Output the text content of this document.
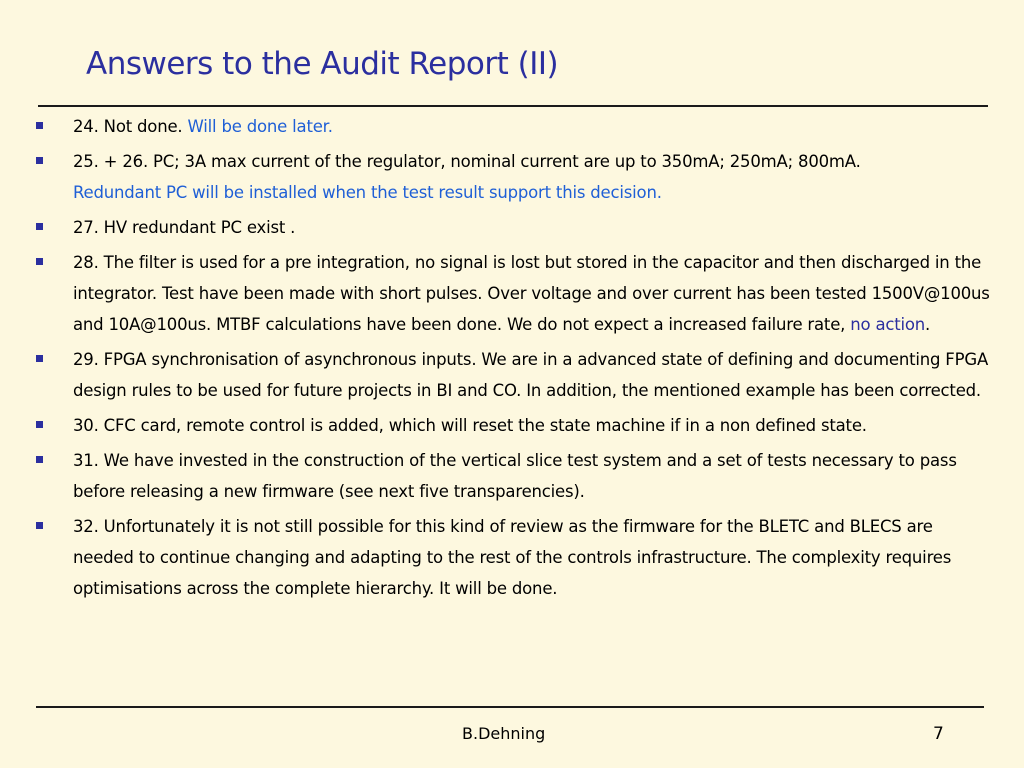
Answers to the Audit Report (II)
24. Not done. Will be done later.
25. + 26. PC; 3A max current of the regulator, nominal current are up to 350mA; 250mA; 800mA.
Redundant PC will be installed when the test result support this decision.
27. HV redundant PC exist .
28. The filter is used for a pre integration, no signal is lost but stored in the capacitor and then discharged in the integrator. Test have been made with short pulses. Over voltage and over current has been tested 1500V@100us and 10A@100us. MTBF calculations have been done. We do not expect a increased failure rate, no action.
29. FPGA synchronisation of asynchronous inputs. We are in a advanced state of defining and documenting FPGA design rules to be used for future projects in BI and CO. In addition, the mentioned example has been corrected.
30. CFC card, remote control is added, which will reset the state machine if in a non defined state.
31. We have invested in the construction of the vertical slice test system and a set of tests necessary to pass before releasing a new firmware (see next five transparencies).
32. Unfortunately it is not still possible for this kind of review as the firmware for the BLETC and BLECS are needed to continue changing and adapting to the rest of the controls infrastructure. The complexity requires optimisations across the complete hierarchy. It will be done.
B.Dehning	7
